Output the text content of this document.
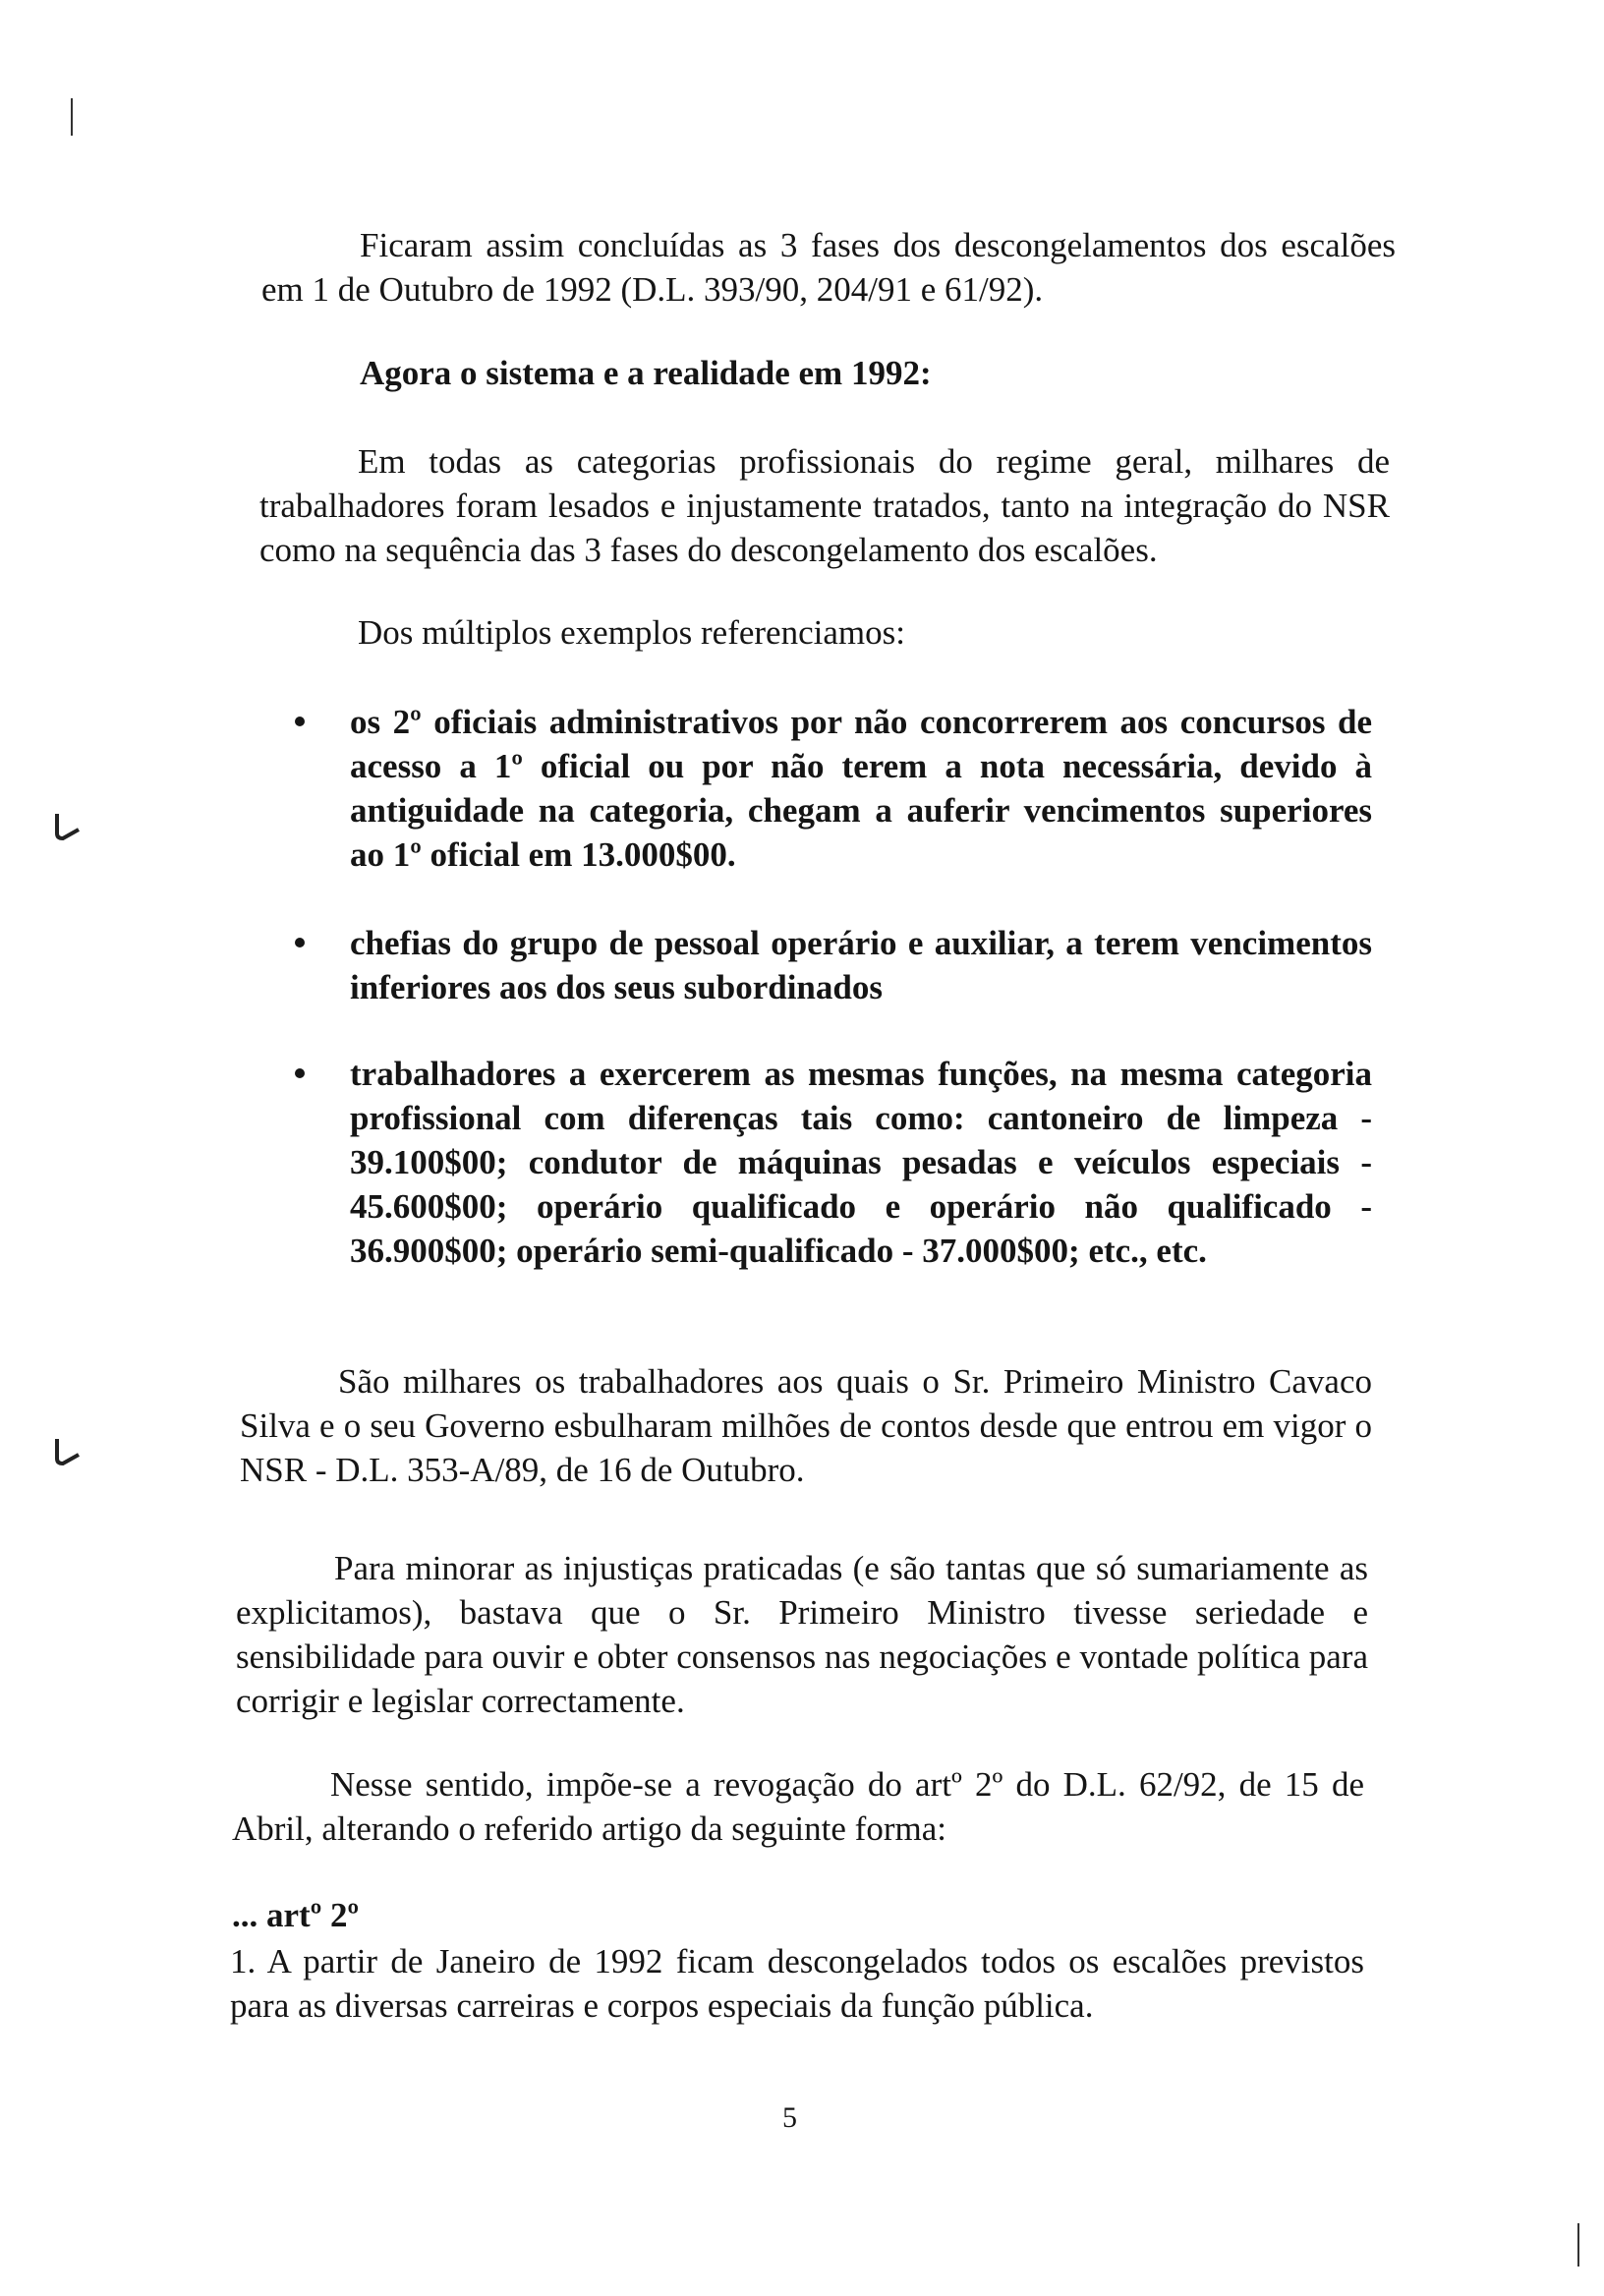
Ficaram assim concluídas as 3 fases dos descongelamentos dos escalões em 1 de Outubro de 1992 (D.L. 393/90, 204/91 e 61/92).

Agora o sistema e a realidade em 1992:

Em todas as categorias profissionais do regime geral, milhares de trabalhadores foram lesados e injustamente tratados, tanto na integração do NSR como na sequência das 3 fases do descongelamento dos escalões.

Dos múltiplos exemplos referenciamos:

os 2º oficiais administrativos por não concorrerem aos concursos de acesso a 1º oficial ou por não terem a nota necessária, devido à antiguidade na categoria, chegam a auferir vencimentos superiores ao 1º oficial em 13.000$00.
chefias do grupo de pessoal operário e auxiliar, a terem vencimentos inferiores aos dos seus subordinados
trabalhadores a exercerem as mesmas funções, na mesma categoria profissional com diferenças tais como: cantoneiro de limpeza - 39.100$00; condutor de máquinas pesadas e veículos especiais - 45.600$00; operário qualificado e operário não qualificado - 36.900$00; operário semi-qualificado - 37.000$00; etc., etc.

São milhares os trabalhadores aos quais o Sr. Primeiro Ministro Cavaco Silva e o seu Governo esbulharam milhões de contos desde que entrou em vigor o NSR - D.L. 353-A/89, de 16 de Outubro.

Para minorar as injustiças praticadas (e são tantas que só sumariamente as explicitamos), bastava que o Sr. Primeiro Ministro tivesse seriedade e sensibilidade para ouvir e obter consensos nas negociações e vontade política para corrigir e legislar correctamente.

Nesse sentido, impõe-se a revogação do artº 2º do D.L. 62/92, de 15 de Abril, alterando o referido artigo da seguinte forma:

... artº 2º

1. A partir de Janeiro de 1992 ficam descongelados todos os escalões previstos para as diversas carreiras e corpos especiais da função pública.

5
